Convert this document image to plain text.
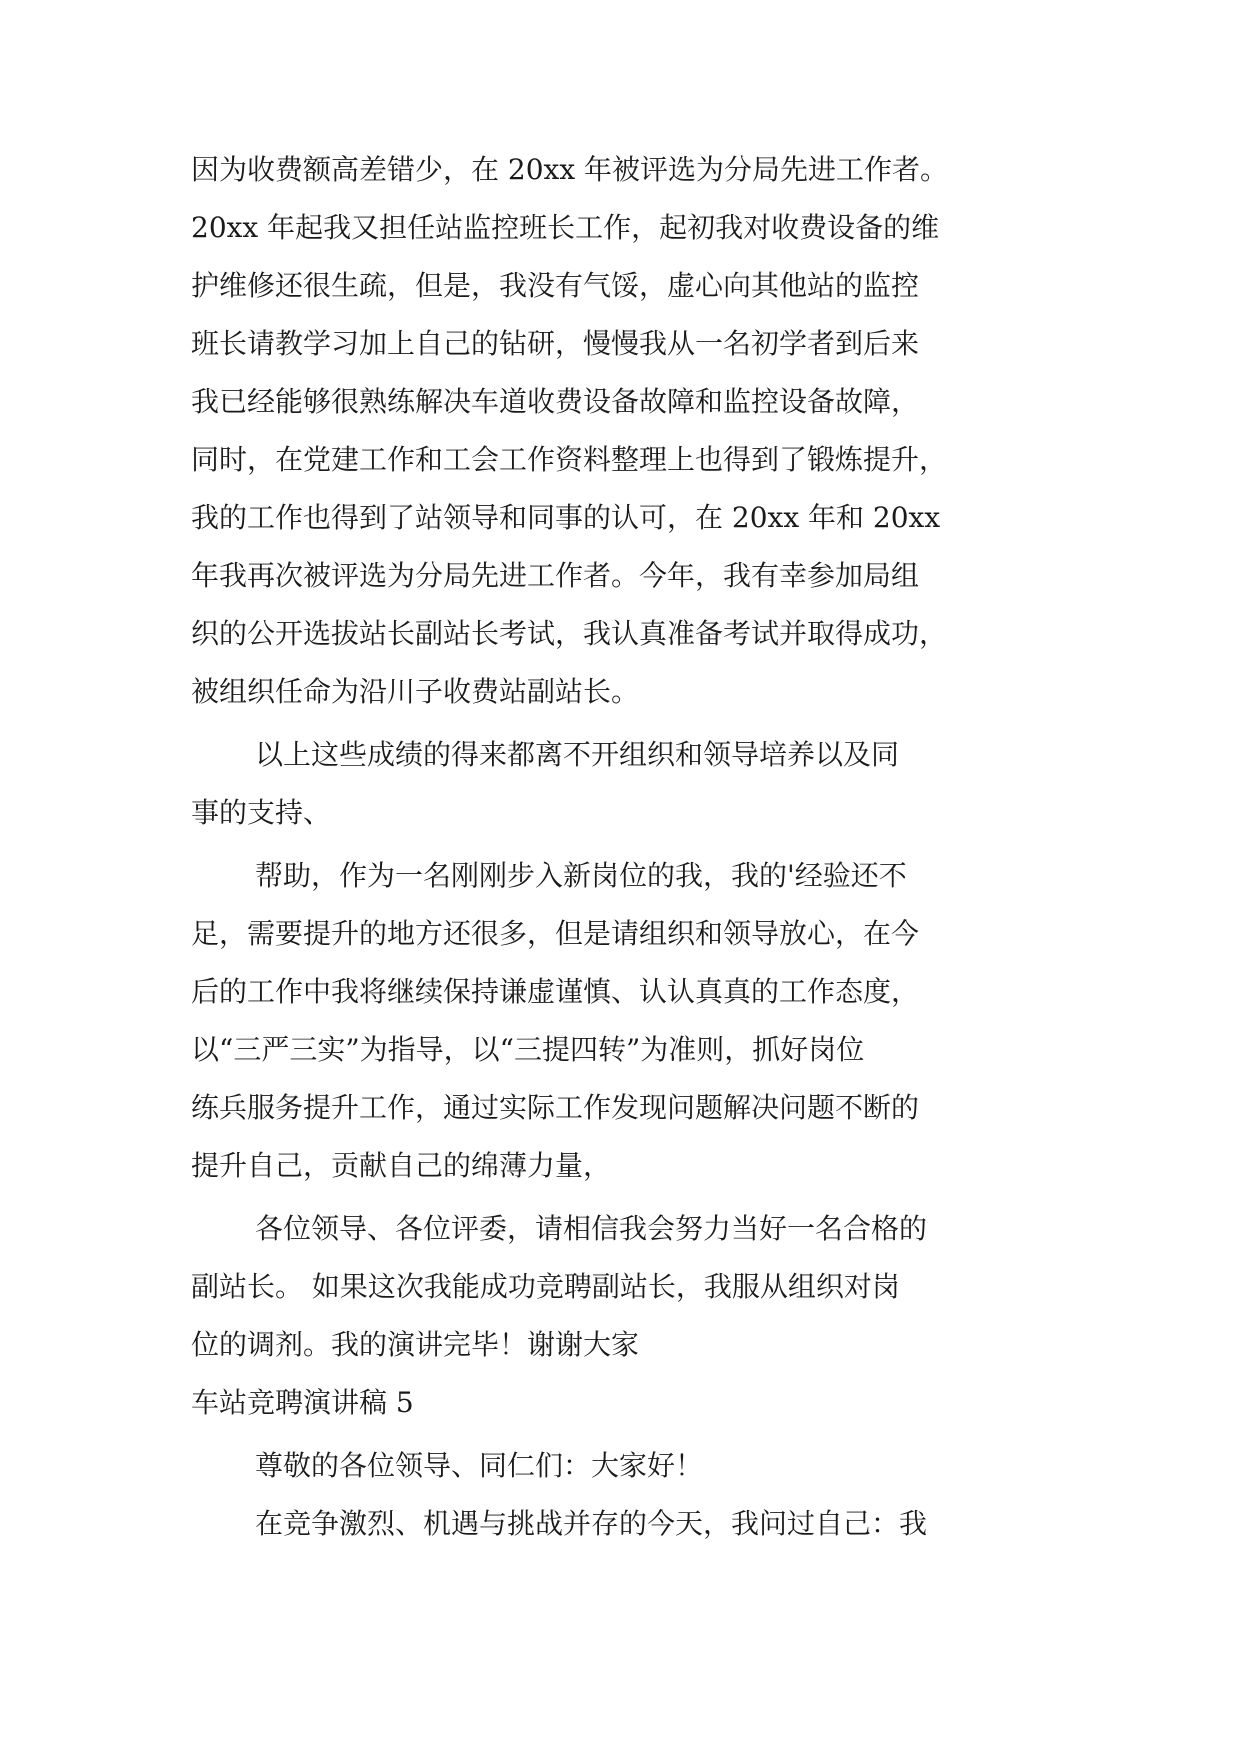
因为收费额高差错少，在 20xx 年被评选为分局先进工作者。
20xx 年起我又担任站监控班长工作，起初我对收费设备的维
护维修还很生疏，但是，我没有气馁，虚心向其他站的监控
班长请教学习加上自己的钻研，慢慢我从一名初学者到后来
我已经能够很熟练解决车道收费设备故障和监控设备故障，
同时，在党建工作和工会工作资料整理上也得到了锻炼提升，
我的工作也得到了站领导和同事的认可，在 20xx 年和 20xx
年我再次被评选为分局先进工作者。今年，我有幸参加局组
织的公开选拔站长副站长考试，我认真准备考试并取得成功，
被组织任命为沿川子收费站副站长。
以上这些成绩的得来都离不开组织和领导培养以及同
事的支持、
帮助，作为一名刚刚步入新岗位的我，我的'经验还不
足，需要提升的地方还很多，但是请组织和领导放心，在今
后的工作中我将继续保持谦虚谨慎、认认真真的工作态度，
以“三严三实”为指导，以“三提四转”为准则，抓好岗位
练兵服务提升工作，通过实际工作发现问题解决问题不断的
提升自己，贡献自己的绵薄力量，
各位领导、各位评委，请相信我会努力当好一名合格的
副站长。 如果这次我能成功竞聘副站长，我服从组织对岗
位的调剂。我的演讲完毕！谢谢大家
车站竞聘演讲稿 5
尊敬的各位领导、同仁们：大家好！
在竞争激烈、机遇与挑战并存的今天，我问过自己：我
